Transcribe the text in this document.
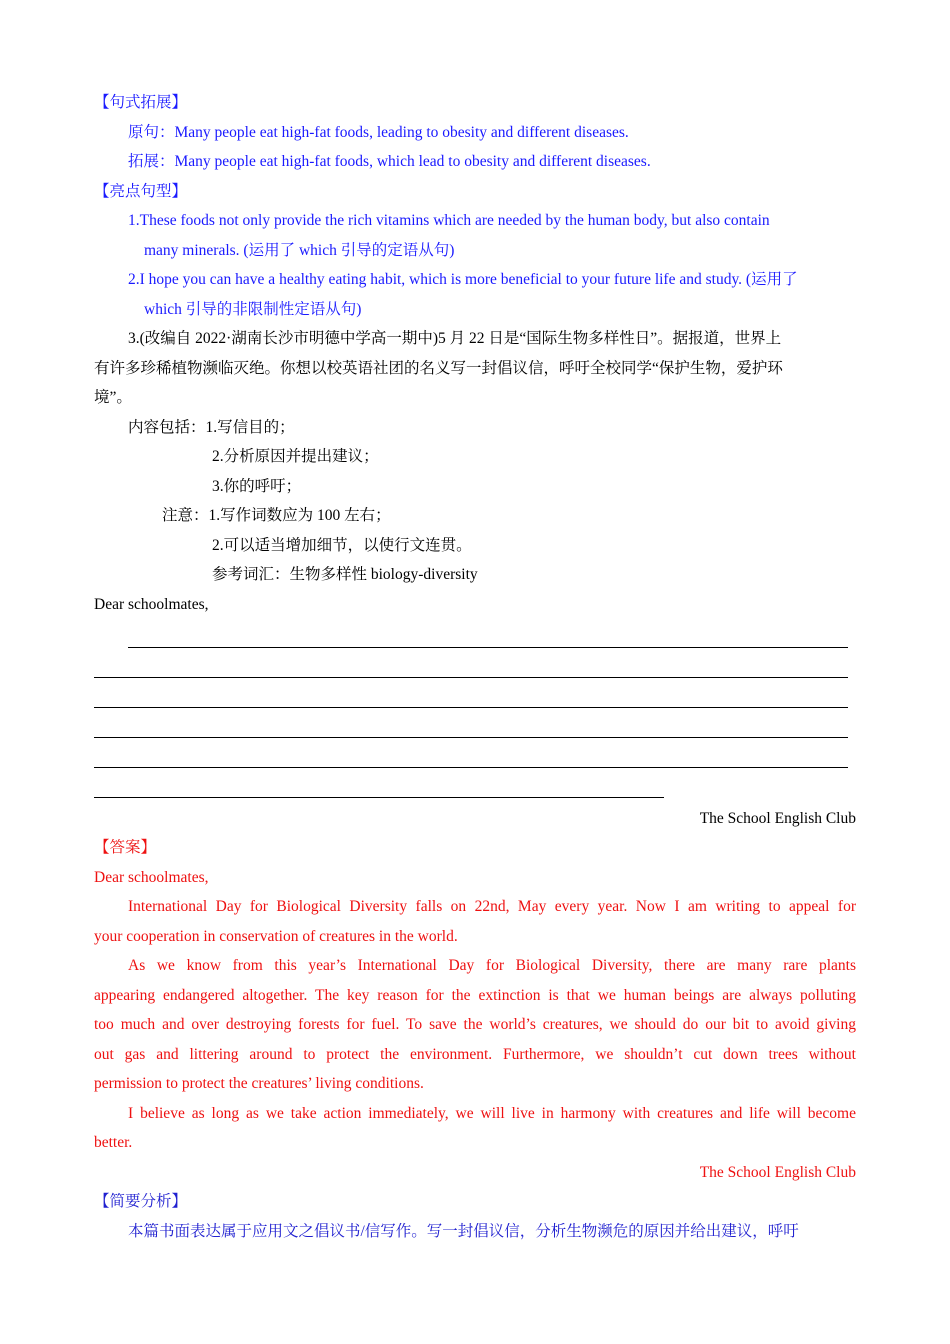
【句式拓展】
原句：Many people eat high-fat foods, leading to obesity and different diseases.
拓展：Many people eat high-fat foods, which lead to obesity and different diseases.
【亮点句型】
1.These foods not only provide the rich vitamins which are needed by the human body, but also contain
many minerals. (运用了 which 引导的定语从句)
2.I hope you can have a healthy eating habit, which is more beneficial to your future life and study. (运用了
which 引导的非限制性定语从句)
3.(改编自 2022·湖南长沙市明德中学高一期中)5 月 22 日是“国际生物多样性日”。据报道，世界上
有许多珍稀植物濒临灭绝。你想以校英语社团的名义写一封倡议信，呼吁全校同学“保护生物，爱护环
境”。
内容包括：1.写信目的；
2.分析原因并提出建议；
3.你的呼吁；
注意：1.写作词数应为 100 左右；
2.可以适当增加细节，以使行文连贯。
参考词汇：生物多样性 biology-diversity
Dear schoolmates,
The School English Club
【答案】
Dear schoolmates,
International Day for Biological Diversity falls on 22nd, May every year. Now I am writing to appeal for
your cooperation in conservation of creatures in the world.
As we know from this year’s International Day for Biological Diversity, there are many rare plants
appearing endangered altogether. The key reason for the extinction is that we human beings are always polluting
too much and over destroying forests for fuel. To save the world’s creatures, we should do our bit to avoid giving
out gas and littering around to protect the environment. Furthermore, we shouldn’t cut down trees without
permission to protect the creatures’ living conditions.
I believe as long as we take action immediately, we will live in harmony with creatures and life will become
better.
The School English Club
【简要分析】
本篇书面表达属于应用文之倡议书/信写作。写一封倡议信，分析生物濒危的原因并给出建议，呼吁
